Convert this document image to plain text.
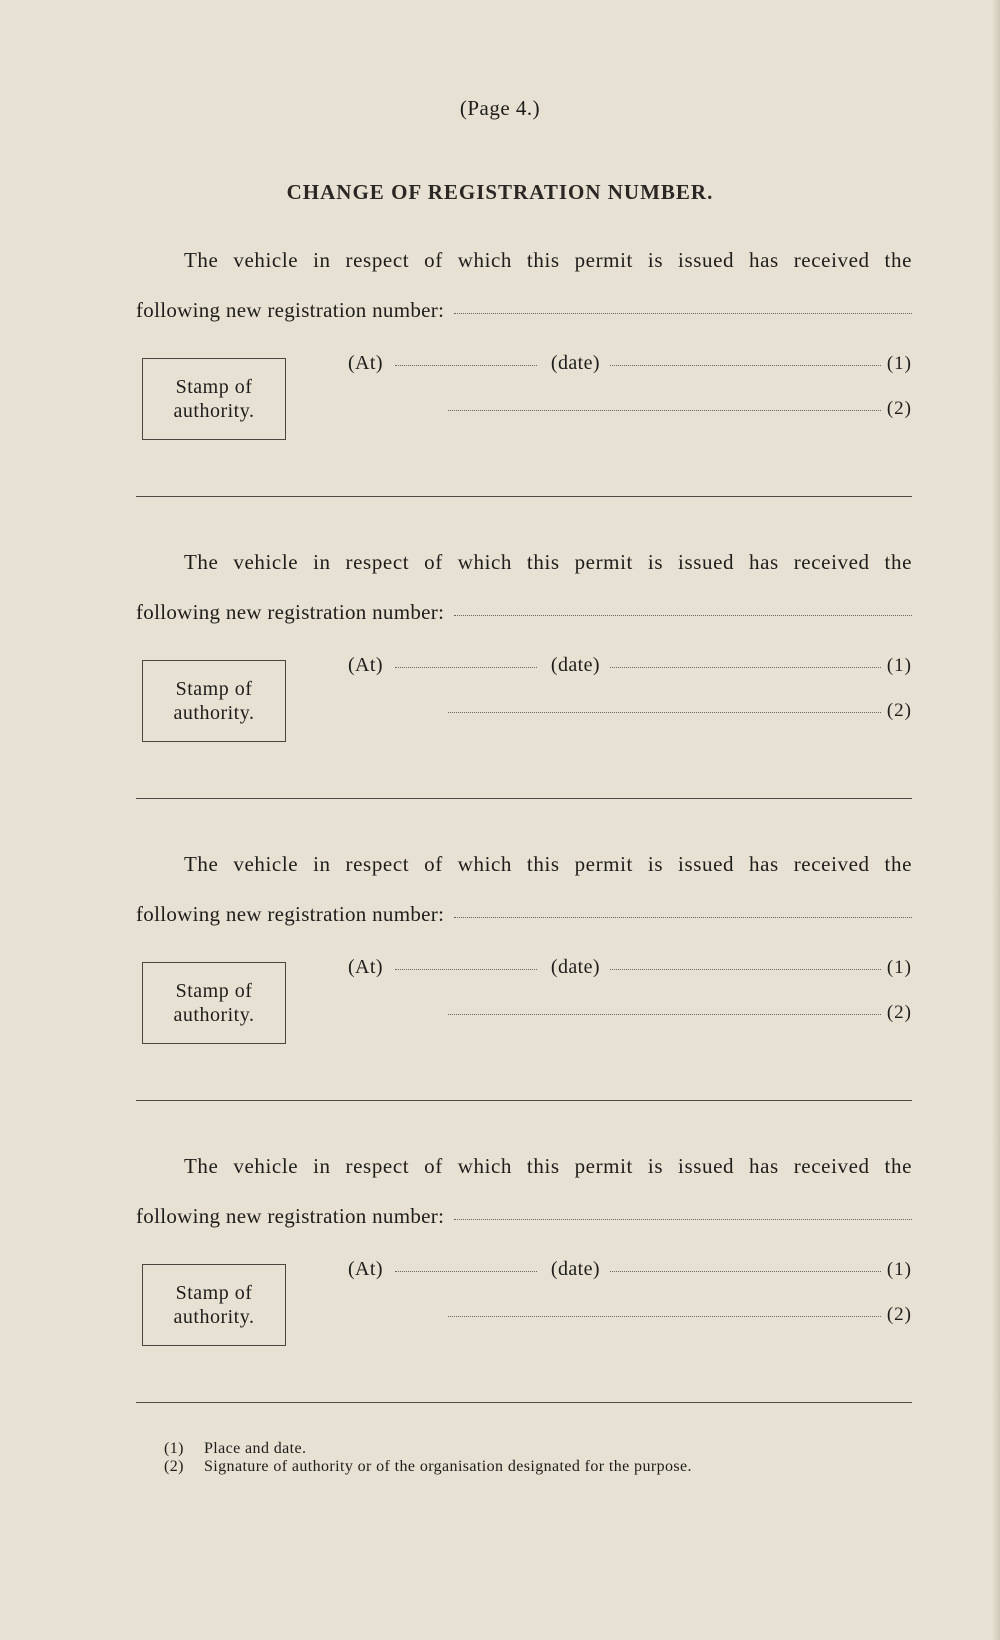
(Page 4.)
CHANGE OF REGISTRATION NUMBER.
The vehicle in respect of which this permit is issued has received the
following new registration number:
Stamp of
authority.
(At)	(date)	(1)
(2)
The vehicle in respect of which this permit is issued has received the
following new registration number:
Stamp of
authority.
(At)	(date)	(1)
(2)
The vehicle in respect of which this permit is issued has received the
following new registration number:
Stamp of
authority.
(At)	(date)	(1)
(2)
The vehicle in respect of which this permit is issued has received the
following new registration number:
Stamp of
authority.
(At)	(date)	(1)
(2)
(1)	Place and date.
(2)	Signature of authority or of the organisation designated for the purpose.
